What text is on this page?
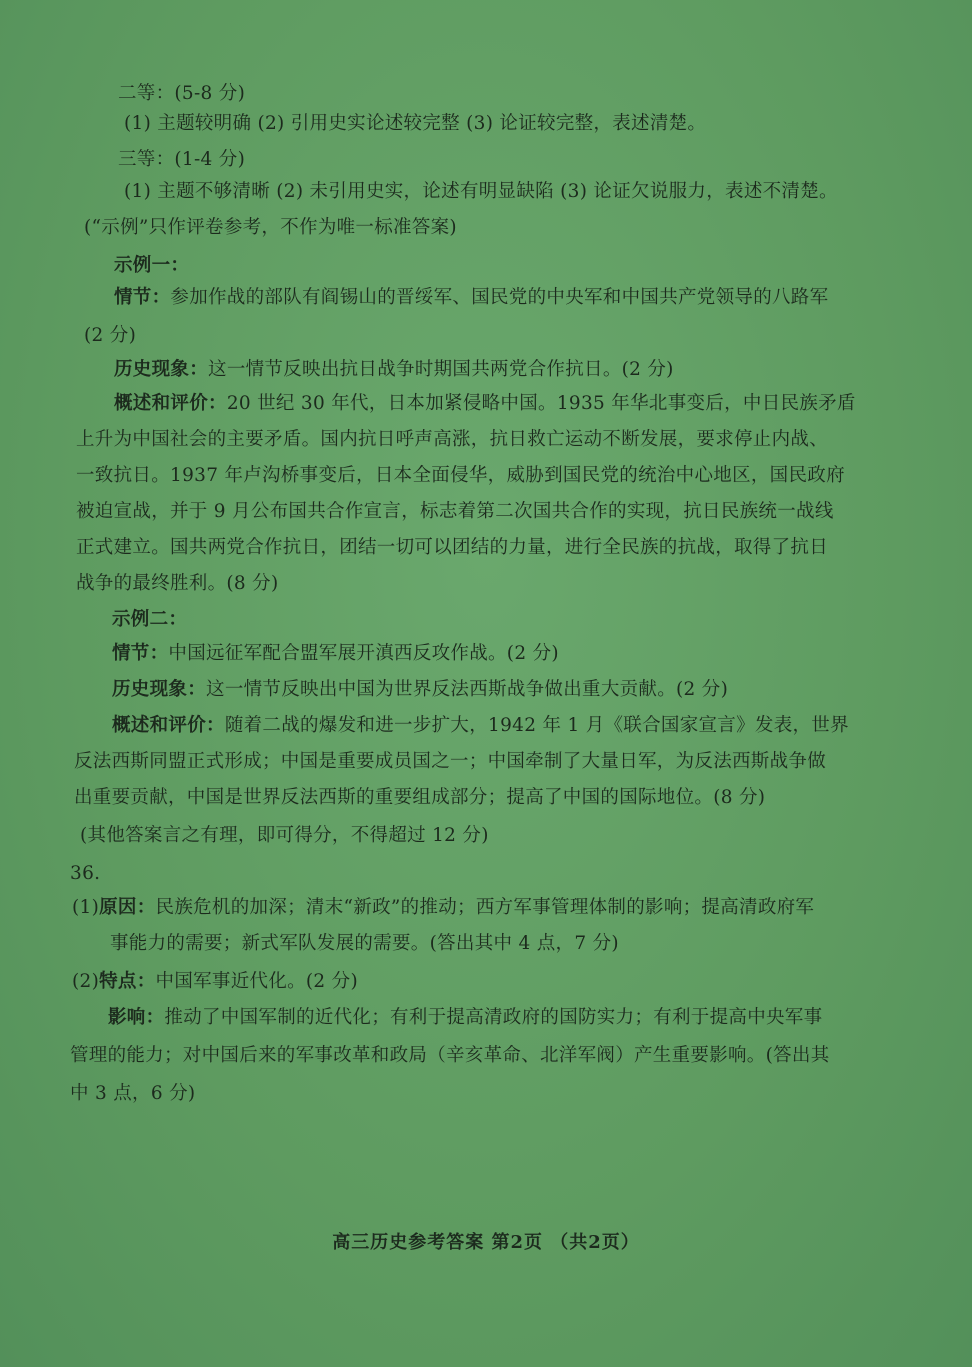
二等：(5-8 分)
(1) 主题较明确 (2) 引用史实论述较完整 (3) 论证较完整，表述清楚。
三等：(1-4 分)
(1) 主题不够清晰 (2) 未引用史实，论述有明显缺陷 (3) 论证欠说服力，表述不清楚。
(“示例”只作评卷参考，不作为唯一标准答案)
示例一：
情节：参加作战的部队有阎锡山的晋绥军、国民党的中央军和中国共产党领导的八路军
(2 分)
历史现象：这一情节反映出抗日战争时期国共两党合作抗日。(2 分)
概述和评价：20 世纪 30 年代，日本加紧侵略中国。1935 年华北事变后，中日民族矛盾
上升为中国社会的主要矛盾。国内抗日呼声高涨，抗日救亡运动不断发展，要求停止内战、
一致抗日。1937 年卢沟桥事变后，日本全面侵华，威胁到国民党的统治中心地区，国民政府
被迫宣战，并于 9 月公布国共合作宣言，标志着第二次国共合作的实现，抗日民族统一战线
正式建立。国共两党合作抗日，团结一切可以团结的力量，进行全民族的抗战，取得了抗日
战争的最终胜利。(8 分)
示例二：
情节：中国远征军配合盟军展开滇西反攻作战。(2 分)
历史现象：这一情节反映出中国为世界反法西斯战争做出重大贡献。(2 分)
概述和评价：随着二战的爆发和进一步扩大，1942 年 1 月《联合国家宣言》发表，世界
反法西斯同盟正式形成；中国是重要成员国之一；中国牵制了大量日军，为反法西斯战争做
出重要贡献，中国是世界反法西斯的重要组成部分；提高了中国的国际地位。(8 分)
(其他答案言之有理，即可得分，不得超过 12 分)
36.
(1)原因：民族危机的加深；清末“新政”的推动；西方军事管理体制的影响；提高清政府军
事能力的需要；新式军队发展的需要。(答出其中 4 点，7 分)
(2)特点：中国军事近代化。(2 分)
影响：推动了中国军制的近代化；有利于提高清政府的国防实力；有利于提高中央军事
管理的能力；对中国后来的军事改革和政局（辛亥革命、北洋军阀）产生重要影响。(答出其
中 3 点，6 分)
高三历史参考答案 第2页 （共2页）
